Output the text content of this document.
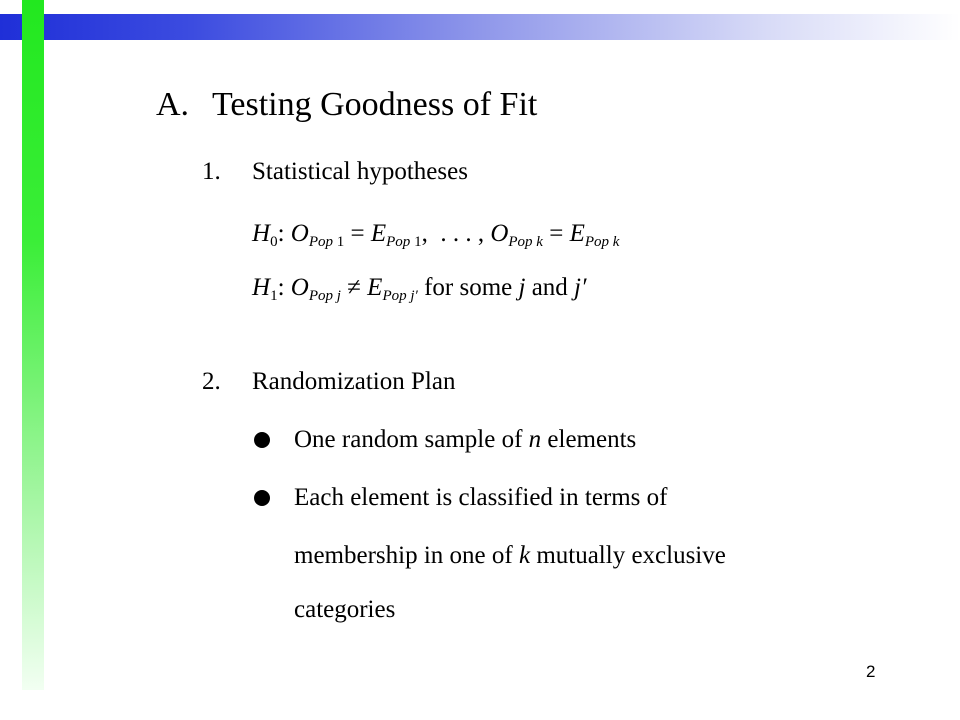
A. Testing Goodness of Fit
1. Statistical hypotheses
$H_0$: $O_{Pop 1} = E_{Pop 1}$,  . . . , $O_{Pop k} = E_{Pop k}$
$H_1$: $O_{Pop j} \ne E_{Pop j'}$ for some j and j′
2. Randomization Plan
One random sample of n elements
Each element is classified in terms of
membership in one of k mutually exclusive
categories
2
